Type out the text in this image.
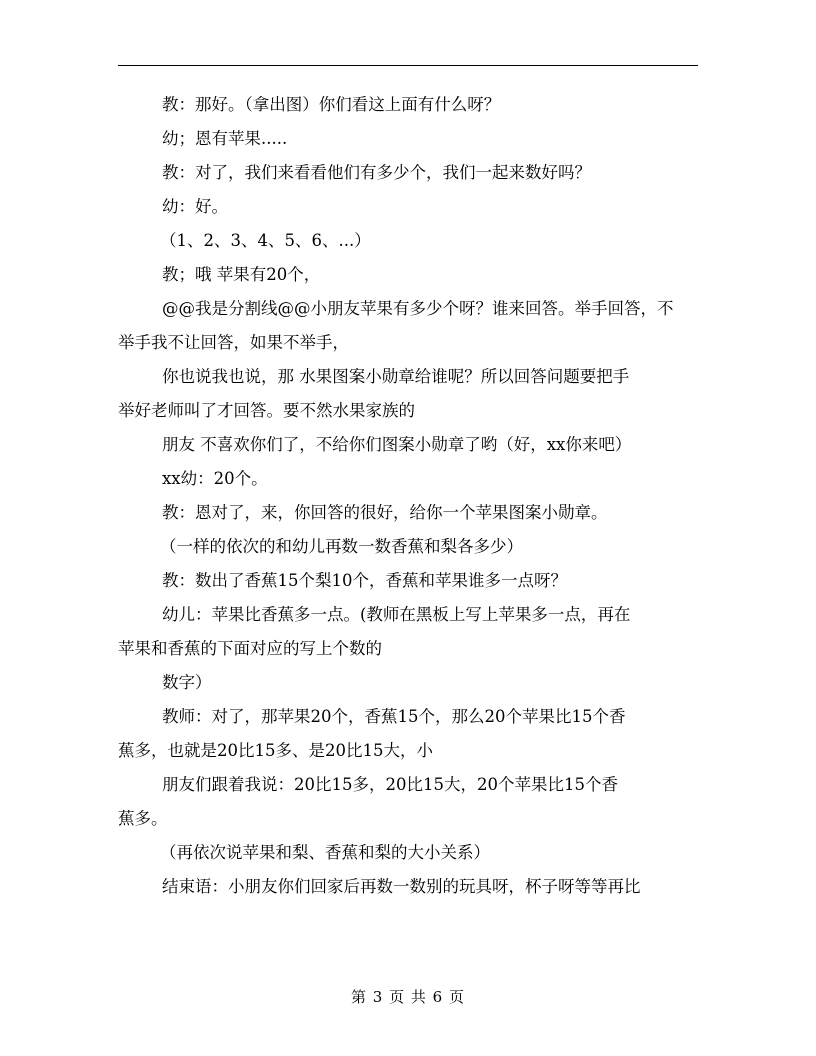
教：那好。（拿出图）你们看这上面有什么呀？
幼；恩有苹果.....
教：对了，我们来看看他们有多少个，我们一起来数好吗？
幼：好。
（1、2、3、4、5、6、...）
教；哦 苹果有20个，
@@我是分割线@@小朋友苹果有多少个呀？谁来回答。举手回答，不
举手我不让回答，如果不举手，
你也说我也说，那 水果图案小勋章给谁呢？所以回答问题要把手
举好老师叫了才回答。要不然水果家族的
朋友 不喜欢你们了，不给你们图案小勋章了哟（好，xx你来吧）
xx幼：20个。
教：恩对了，来，你回答的很好，给你一个苹果图案小勋章。
（一样的依次的和幼儿再数一数香蕉和梨各多少）
教：数出了香蕉15个梨10个，香蕉和苹果谁多一点呀？
幼儿：苹果比香蕉多一点。(教师在黑板上写上苹果多一点，再在
苹果和香蕉的下面对应的写上个数的
数字）
教师：对了，那苹果20个，香蕉15个，那么20个苹果比15个香
蕉多，也就是20比15多、是20比15大，小
朋友们跟着我说：20比15多，20比15大，20个苹果比15个香
蕉多。
（再依次说苹果和梨、香蕉和梨的大小关系）
结束语：小朋友你们回家后再数一数别的玩具呀，杯子呀等等再比
第 3 页 共 6 页
